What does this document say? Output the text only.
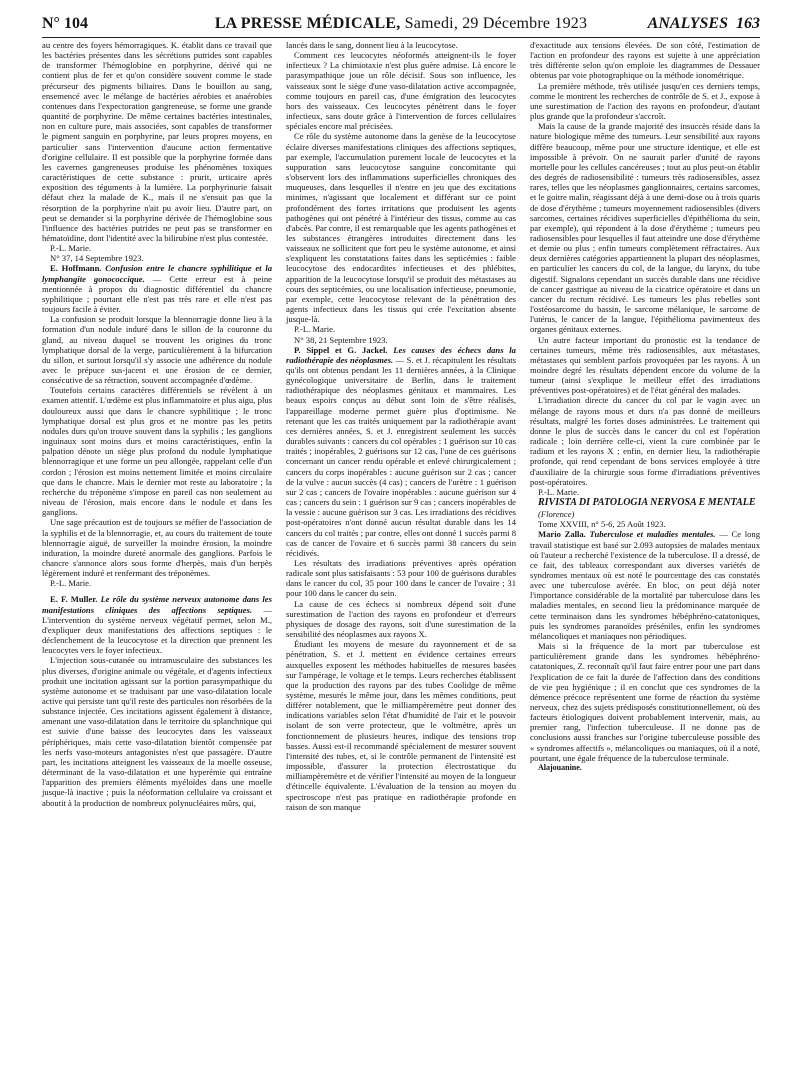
N° 104	LA PRESSE MÉDICALE, Samedi, 29 Décembre 1923	ANALYSES 163

au centre des foyers hémorragiques. K. établit dans ce travail que les bactéries présentes dans les sécrétions putrides sont capables de transformer l'hémoglobine en porphyrine, dérivé qui ne contient plus de fer et qu'on considère souvent comme le stade précurseur des pigments biliaires. Dans le bouillon au sang, ensemencé avec le mélange de bactéries aérobies et anaérobies contenues dans l'expectoration gangreneuse, se forme une grande quantité de porphyrine. De même certaines bactéries intestinales, non en culture pure, mais associées, sont capables de transformer le pigment sanguin en porphyrine, par leurs propres moyens, en particulier sans l'intervention d'aucune action fermentative d'origine cellulaire. Il est possible que la porphyrine formée dans les cavernes gangreneuses produise les phénomènes toxiques caractéristiques de cette substance : prurit, urticaire après exposition des téguments à la lumière. La porphyrinurie faisait défaut chez la malade de K., mais il ne s'ensuit pas que la résorption de la porphyrine n'ait pu avoir lieu. D'autre part, on peut se demander si la porphyrine dérivée de l'hémoglobine sous l'influence des bactéries putrides ne peut pas se transformer en hématoïdine, dont l'identité avec la bilirubine n'est plus contestée.

P.-L. Marie.

N° 37, 14 Septembre 1923.

E. Hoffmann. Confusion entre le chancre syphilitique et la lymphangite gonococcique. — Cette erreur est à peine mentionnée à propos du diagnostic différentiel du chancre syphilitique ; pourtant elle n'est pas très rare et elle n'est pas toujours facile à éviter.

La confusion se produit lorsque la blennorragie donne lieu à la formation d'un nodule induré dans le sillon de la couronne du gland, au niveau duquel se trouvent les origines du tronc lymphatique dorsal de la verge, particulièrement à la bifurcation du sillon, et surtout lorsqu'il s'y associe une adhérence du nodule avec le prépuce sus-jacent et une érosion de ce dernier, consécutive de sa rétraction, souvent accompagnée d'œdème.

Toutefois certains caractères différentiels se révèlent à un examen attentif. L'œdème est plus inflammatoire et plus aigu, plus douloureux aussi que dans le chancre syphilitique ; le tronc lymphatique dorsal est plus gros et ne montre pas les petits nodules durs qu'on trouve souvent dans la syphilis ; les ganglions inguinaux sont moins durs et moins caractéristiques, enfin la palpation dénote un siège plus profond du nodule lymphatique blennorragique et une forme un peu allongée, rappelant celle d'un cordon ; l'érosion est moins nettement limitée et moins circulaire que dans le chancre. Mais le dernier mot reste au laboratoire ; la recherche du tréponème s'impose en pareil cas non seulement au niveau de l'érosion, mais encore dans le nodule et dans les ganglions.

Une sage précaution est de toujours se méfier de l'association de la syphilis et de la blennorragie, et, au cours du traitement de toute blennorragie aiguë, de surveiller la moindre érosion, la moindre induration, la moindre dureté anormale des ganglions. Parfois le chancre s'annonce alors sous forme d'herpès, mais d'un herpès légèrement induré et renfermant des tréponèmes.

P.-L. Marie.

E. F. Muller. Le rôle du système nerveux autonome dans les manifestations cliniques des affections septiques. — L'intervention du système nerveux végétatif permet, selon M., d'expliquer deux manifestations des affections septiques : le déclenchement de la leucocytose et la direction que prennent les leucocytes vers le foyer infectieux.

L'injection sous-cutanée ou intramusculaire des substances les plus diverses, d'origine animale ou végétale, et d'agents infectieux produit une incitation agissant sur la portion parasympathique du système autonome et se traduisant par une vaso-dilatation locale active qui persiste tant qu'il reste des particules non résorbées de la substance injectée. Ces incitations agissent également à distance, amenant une vaso-dilatation dans le territoire du splanchnique qui est suivie d'une baisse des leucocytes dans les vaisseaux périphériques, mais cette vaso-dilatation bientôt compensée par les nerfs vaso-moteurs antagonistes n'est que passagère. D'autre part, les incitations atteignent les vaisseaux de la moelle osseuse, déterminant de la vaso-dilatation et une hyperémie qui entraîne l'apparition des premiers éléments myéloïdes dans une moelle jusque-là inactive ; puis la néoformation cellulaire va croissant et aboutit à la production de nombreux polynucléaires mûrs, qui,

lancés dans le sang, donnent lieu à la leucocytose.

Comment ces leucocytes néoformés atteignent-ils le foyer infectieux ? La chimiotaxie n'est plus guère admise. Là encore le parasympathique joue un rôle décisif. Sous son influence, les vaisseaux sont le siège d'une vaso-dilatation active accompagnée, comme toujours en pareil cas, d'une émigration des leucocytes hors des vaisseaux. Ces leucocytes pénètrent dans le foyer infectieux, sans doute grâce à l'intervention de forces cellulaires spéciales encore mal précisées.

Ce rôle du système autonome dans la genèse de la leucocytose éclaire diverses manifestations cliniques des affections septiques, par exemple, l'accumulation purement locale de leucocytes et la suppuration sans leucocytose sanguine concomitante qui s'observent lors des inflammations superficielles chroniques des muqueuses, dans lesquelles il n'entre en jeu que des excitations minimes, n'agissant que localement et différant sur ce point profondément des fortes irritations que produisent les agents pathogènes qui ont pénétré à l'intérieur des tissus, comme au cas d'abcès. Par contre, il est remarquable que les agents pathogènes et les substances étrangères introduites directement dans les vaisseaux ne sollicitent que fort peu le système autonome, et ainsi s'expliquent les constatations faites dans les septicémies : faible leucocytose des endocardites infectieuses et des phlébites, apparition de la leucocytose lorsqu'il se produit des métastases au cours des septicémies, ou une localisation infectieuse, pneumonie, par exemple, cette leucocytose relevant de la pénétration des agents infectieux dans les tissus qui crée l'excitation absente jusque-là.

P.-L. Marie.

N° 38, 21 Septembre 1923.

P. Sippel et G. Jackel. Les causes des échecs dans la radiothérapie des néoplasmes. — S. et J. récapitulent les résultats qu'ils ont obtenus pendant les 11 dernières années, à la Clinique gynécologique universitaire de Berlin, dans le traitement radiothérapique des néoplasmes génitaux et mammaires. Les beaux espoirs conçus au début sont loin de s'être réalisés, l'appareillage moderne permet guère plus d'optimisme. Ne retenant que les cas traités uniquement par la radiothérapie avant ces dernières années, S. et J. enregistrent seulement les succès durables suivants : cancers du col opérables : 1 guérison sur 10 cas traités ; inopérables, 2 guérisons sur 12 cas, l'une de ces guérisons concernant un cancer rendu opérable et enlevé chirurgicalement ; cancers du corps inopérables : aucune guérison sur 2 cas ; cancer de la vulve : aucun succès (4 cas) ; cancers de l'urètre : 1 guérison sur 2 cas ; cancers de l'ovaire inopérables : aucune guérison sur 4 cas ; cancers du sein : 1 guérison sur 9 cas ; cancers inopérables de la vessie : aucune guérison sur 3 cas. Les irradiations des récidives post-opératoires n'ont donné aucun résultat durable dans les 14 cancers du col traités ; par contre, elles ont donné 1 succès parmi 8 cas de cancer de l'ovaire et 6 succès parmi 38 cancers du sein récidivés.

Les résultats des irradiations préventives après opération radicale sont plus satisfaisants : 53 pour 100 de guérisons durables dans le cancer du col, 35 pour 100 dans le cancer de l'ovaire ; 31 pour 100 dans le cancer du sein.

La cause de ces échecs si nombreux dépend soit d'une surestimation de l'action des rayons en profondeur et d'erreurs physiques de dosage des rayons, soit d'une surestimation de la sensibilité des néoplasmes aux rayons X.

Étudiant les moyens de mesure du rayonnement et de sa pénétration, S. et J. mettent en évidence certaines erreurs auxquelles exposent les méthodes habituelles de mesures basées sur l'ampérage, le voltage et le temps. Leurs recherches établissent que la production des rayons par des tubes Coolidge de même système, mesurés le même jour, dans les mêmes conditions, peut différer notablement, que le milliampèremètre peut donner des indications variables selon l'état d'humidité de l'air et le pouvoir isolant de son verre protecteur, que le voltmètre, après un fonctionnement de plusieurs heures, indique des tensions trop basses. Aussi est-il recommandé spécialement de mesurer souvent l'intensité des tubes, et, si le contrôle permanent de l'intensité est impossible, d'assurer la protection électrostatique du milliampèremètre et de vérifier l'intensité au moyen de la longueur d'étincelle équivalente. L'évaluation de la tension au moyen du spectroscope n'est pas pratique en radiothérapie profonde en raison de son manque

d'exactitude aux tensions élevées. De son côté, l'estimation de l'action en profondeur des rayons est sujette à une appréciation très différente selon qu'on emploie les diagrammes de Dessauer obtenus par voie photographique ou la méthode ionométrique.

La première méthode, très utilisée jusqu'en ces derniers temps, comme le montrent les recherches de contrôle de S. et J., expose à une surestimation de l'action des rayons en profondeur, d'autant plus grande que la profondeur s'accroît.

Mais la cause de la grande majorité des insuccès réside dans la nature biologique même des tumeurs. Leur sensibilité aux rayons diffère beaucoup, même pour une structure identique, et elle est impossible à prévoir. On ne saurait parler d'unité de rayons mortelle pour les cellules cancéreuses ; tout au plus peut-on établir des degrés de radiosensibilité : tumeurs très radiosensibles, assez rares, telles que les néoplasmes ganglionnaires, certains sarcomes, et le goitre malin, réagissant déjà à une demi-dose ou à trois quarts de dose d'érythème ; tumeurs moyennement radiosensibles (divers sarcomes, certaines récidives superficielles d'épithélioma du sein, par exemple), qui répondent à la dose d'érythème ; tumeurs peu radiosensibles pour lesquelles il faut atteindre une dose d'érythème et demie ou plus ; enfin tumeurs complètement réfractaires. Aux deux dernières catégories appartiennent la plupart des néoplasmes, en particulier les cancers du col, de la langue, du larynx, du tube digestif. Signalons cependant un succès durable dans une récidive de cancer gastrique au niveau de la cicatrice opératoire et dans un cancer du rectum récidivé. Les tumeurs les plus rebelles sont l'ostéosarcome du bassin, le sarcome mélanique, le sarcome de l'utérus, le cancer de la langue, l'épithélioma pavimenteux des organes génitaux externes.

Un autre facteur important du pronostic est la tendance de certaines tumeurs, même très radiosensibles, aux métastases, métastases qui semblent parfois provoquées par les rayons. À un moindre degré les résultats dépendent encore du volume de la tumeur (ainsi s'explique le meilleur effet des irradiations préventives post-opératoires) et de l'état général des malades.

L'irradiation directe du cancer du col par le vagin avec un mélange de rayons mous et durs n'a pas donné de meilleurs résultats, malgré les fortes doses administrées. Le traitement qui donne le plus de succès dans le cancer du col est l'opération radicale ; loin derrière celle-ci, vient la cure combinée par le radium et les rayons X ; enfin, en dernier lieu, la radiothérapie profonde, qui rend cependant de bons services employée à titre d'auxiliaire de la chirurgie sous forme d'irradiations préventives post-opératoires.

P.-L. Marie.

RIVISTA DI PATOLOGIA NERVOSA E MENTALE

(Florence)

Tome XXVIII, n° 5-6, 25 Août 1923.

Mario Zalla. Tuberculose et maladies mentales. — Ce long travail statistique est basé sur 2.093 autopsies de malades mentaux où l'auteur a recherché l'existence de la tuberculose. Il a dressé, de ce fait, des tableaux correspondant aux diverses variétés de syndromes mentaux où est noté le pourcentage des cas constatés avec une tuberculose avérée. En bloc, on peut déjà noter l'importance considérable de la mortalité par tuberculose dans les maladies mentales, en second lieu la prédominance marquée de cette terminaison dans les syndromes hébéphréno-catatoniques, puis les syndromes paranoïdes préséniles, enfin les syndromes mélancoliques et maniaques non périodiques.

Mais si la fréquence de la mort par tuberculose est particulièrement grande dans les syndromes hébéphréno-catatoniques, Z. reconnaît qu'il faut faire entrer pour une part dans l'explication de ce fait la durée de l'affection dans des conditions de vie peu hygiénique ; il en conclut que ces syndromes de la démence précoce représentent une forme de réaction du système nerveux, chez des sujets prédisposés constitutionnellement, où des facteurs étiologiques doivent probablement intervenir, mais, au premier rang, l'infection tuberculeuse. Il ne donne pas de conclusions aussi franches sur l'origine tuberculeuse possible des « syndromes affectifs », mélancoliques ou maniaques, où il a noté, pourtant, une égale fréquence de la tuberculose terminale.

Alajouanine.
